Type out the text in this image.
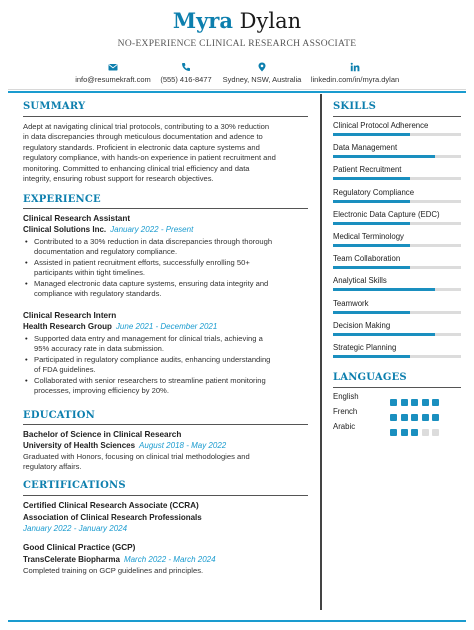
Myra Dylan
NO-EXPERIENCE CLINICAL RESEARCH ASSOCIATE
info@resumekraft.com	(555) 416-8477	Sydney, NSW, Australia	linkedin.com/in/myra.dylan
SUMMARY
Adept at navigating clinical trial protocols, contributing to a 30% reduction
in data discrepancies through meticulous documentation and adence to
regulatory standards. Proficient in electronic data capture systems and
regulatory compliance, with hands-on experience in patient recruitment and
monitoring. Committed to enhancing clinical trial efficiency and data
integrity, ensuring robust support for research objectives.
EXPERIENCE
Clinical Research Assistant
Clinical Solutions Inc. January 2022 - Present
• Contributed to a 30% reduction in data discrepancies through thorough
documentation and regulatory compliance.
• Assisted in patient recruitment efforts, successfully enrolling 50+
participants within tight timelines.
• Managed electronic data capture systems, ensuring data integrity and
compliance with regulatory standards.
Clinical Research Intern
Health Research Group June 2021 - December 2021
• Supported data entry and management for clinical trials, achieving a
95% accuracy rate in data submission.
• Participated in regulatory compliance audits, enhancing understanding
of FDA guidelines.
• Collaborated with senior researchers to streamline patient monitoring
processes, improving efficiency by 20%.
EDUCATION
Bachelor of Science in Clinical Research
University of Health Sciences August 2018 - May 2022
Graduated with Honors, focusing on clinical trial methodologies and
regulatory affairs.
CERTIFICATIONS
Certified Clinical Research Associate (CCRA)
Association of Clinical Research Professionals
January 2022 - January 2024
Good Clinical Practice (GCP)
TransCelerate Biopharma March 2022 - March 2024
Completed training on GCP guidelines and principles.
SKILLS
Clinical Protocol Adherence
Data Management
Patient Recruitment
Regulatory Compliance
Electronic Data Capture (EDC)
Medical Terminology
Team Collaboration
Analytical Skills
Teamwork
Decision Making
Strategic Planning
LANGUAGES
English
French
Arabic
